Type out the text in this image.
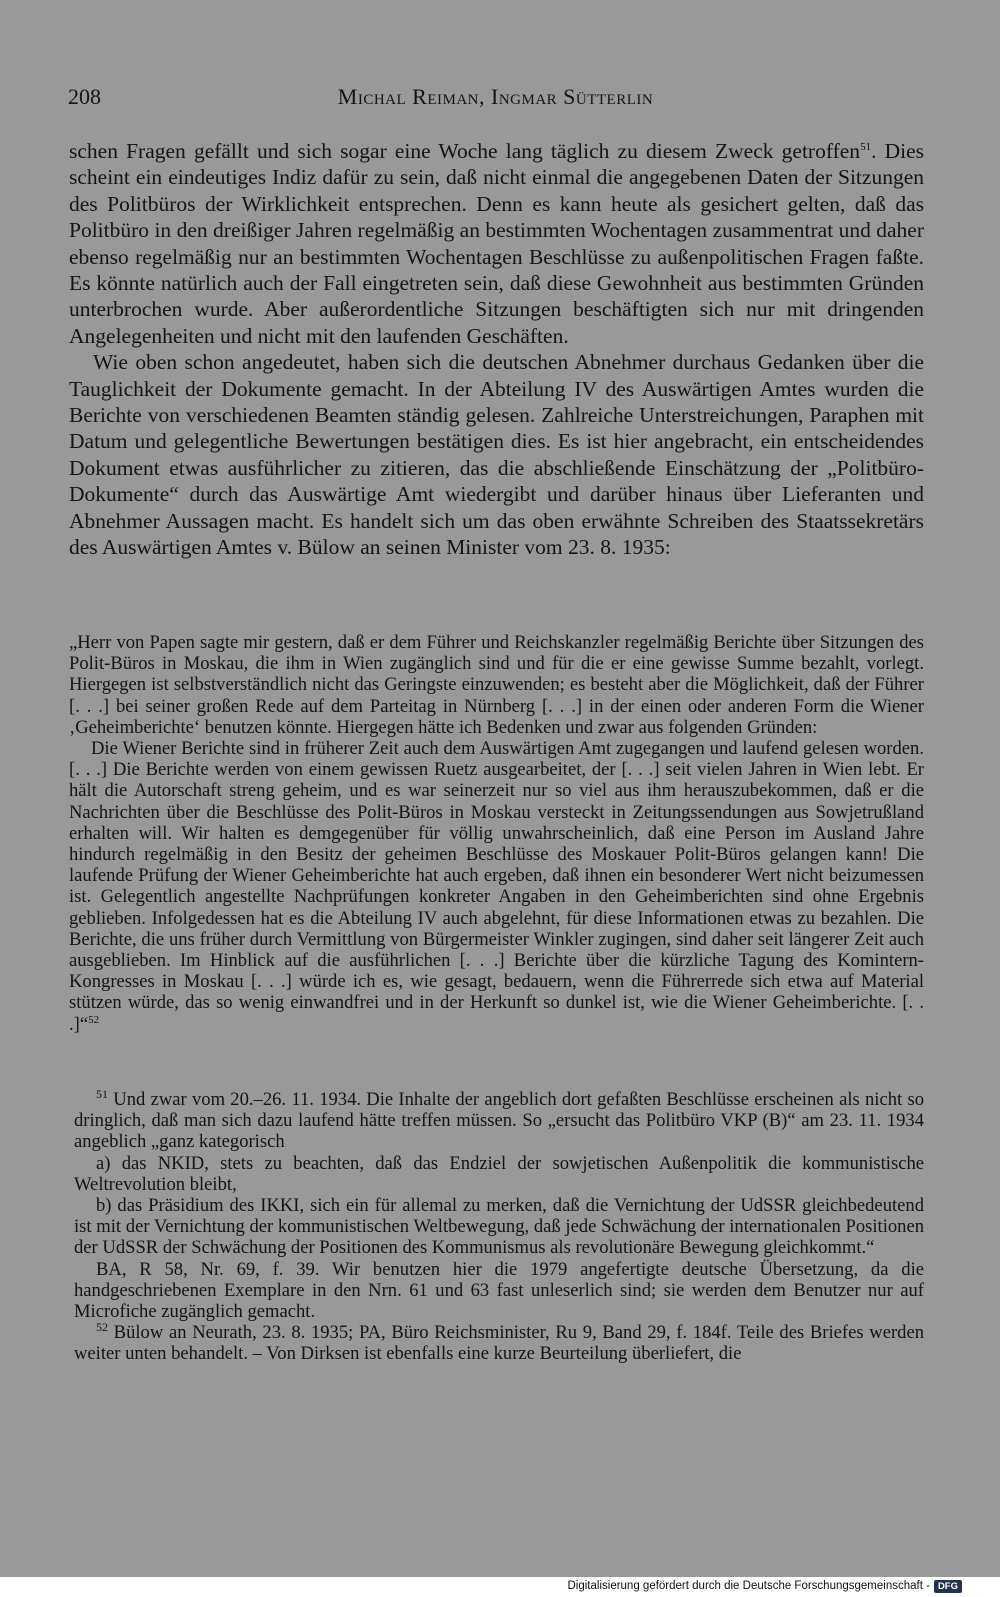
208	Michal Reiman, Ingmar Sütterlin

schen Fragen gefällt und sich sogar eine Woche lang täglich zu diesem Zweck getroffen$^{51}$. Dies scheint ein eindeutiges Indiz dafür zu sein, daß nicht einmal die angegebenen Daten der Sitzungen des Politbüros der Wirklichkeit entsprechen. Denn es kann heute als gesichert gelten, daß das Politbüro in den dreißiger Jahren regelmäßig an bestimmten Wochentagen zusammentrat und daher ebenso regelmäßig nur an bestimmten Wochentagen Beschlüsse zu außenpolitischen Fragen faßte. Es könnte natürlich auch der Fall eingetreten sein, daß diese Gewohnheit aus bestimmten Gründen unterbrochen wurde. Aber außerordentliche Sitzungen beschäftigten sich nur mit dringenden Angelegenheiten und nicht mit den laufenden Geschäften.

Wie oben schon angedeutet, haben sich die deutschen Abnehmer durchaus Gedanken über die Tauglichkeit der Dokumente gemacht. In der Abteilung IV des Auswärtigen Amtes wurden die Berichte von verschiedenen Beamten ständig gelesen. Zahlreiche Unterstreichungen, Paraphen mit Datum und gelegentliche Bewertungen bestätigen dies. Es ist hier angebracht, ein entscheidendes Dokument etwas ausführlicher zu zitieren, das die abschließende Einschätzung der „Politbüro-Dokumente“ durch das Auswärtige Amt wiedergibt und darüber hinaus über Lieferanten und Abnehmer Aussagen macht. Es handelt sich um das oben erwähnte Schreiben des Staatssekretärs des Auswärtigen Amtes v. Bülow an seinen Minister vom 23. 8. 1935:

„Herr von Papen sagte mir gestern, daß er dem Führer und Reichskanzler regelmäßig Berichte über Sitzungen des Polit-Büros in Moskau, die ihm in Wien zugänglich sind und für die er eine gewisse Summe bezahlt, vorlegt. Hiergegen ist selbstverständlich nicht das Geringste einzuwenden; es besteht aber die Möglichkeit, daß der Führer [. . .] bei seiner großen Rede auf dem Parteitag in Nürnberg [. . .] in der einen oder anderen Form die Wiener ‚Geheimberichte‘ benutzen könnte. Hiergegen hätte ich Bedenken und zwar aus folgenden Gründen:

Die Wiener Berichte sind in früherer Zeit auch dem Auswärtigen Amt zugegangen und laufend gelesen worden. [. . .] Die Berichte werden von einem gewissen Ruetz ausgearbeitet, der [. . .] seit vielen Jahren in Wien lebt. Er hält die Autorschaft streng geheim, und es war seinerzeit nur so viel aus ihm herauszubekommen, daß er die Nachrichten über die Beschlüsse des Polit-Büros in Moskau versteckt in Zeitungssendungen aus Sowjetrußland erhalten will. Wir halten es demgegenüber für völlig unwahrscheinlich, daß eine Person im Ausland Jahre hindurch regelmäßig in den Besitz der geheimen Beschlüsse des Moskauer Polit-Büros gelangen kann! Die laufende Prüfung der Wiener Geheimberichte hat auch ergeben, daß ihnen ein besonderer Wert nicht beizumessen ist. Gelegentlich angestellte Nachprüfungen konkreter Angaben in den Geheimberichten sind ohne Ergebnis geblieben. Infolgedessen hat es die Abteilung IV auch abgelehnt, für diese Informationen etwas zu bezahlen. Die Berichte, die uns früher durch Vermittlung von Bürgermeister Winkler zugingen, sind daher seit längerer Zeit auch ausgeblieben. Im Hinblick auf die ausführlichen [. . .] Berichte über die kürzliche Tagung des Komintern-Kongresses in Moskau [. . .] würde ich es, wie gesagt, bedauern, wenn die Führerrede sich etwa auf Material stützen würde, das so wenig einwandfrei und in der Herkunft so dunkel ist, wie die Wiener Geheimberichte. [. . .]“$^{52}$

$^{51}$ Und zwar vom 20.–26. 11. 1934. Die Inhalte der angeblich dort gefaßten Beschlüsse erscheinen als nicht so dringlich, daß man sich dazu laufend hätte treffen müssen. So „ersucht das Politbüro VKP (B)“ am 23. 11. 1934 angeblich „ganz kategorisch

a) das NKID, stets zu beachten, daß das Endziel der sowjetischen Außenpolitik die kommunistische Weltrevolution bleibt,

b) das Präsidium des IKKI, sich ein für allemal zu merken, daß die Vernichtung der UdSSR gleichbedeutend ist mit der Vernichtung der kommunistischen Weltbewegung, daß jede Schwächung der internationalen Positionen der UdSSR der Schwächung der Positionen des Kommunismus als revolutionäre Bewegung gleichkommt.“

BA, R 58, Nr. 69, f. 39. Wir benutzen hier die 1979 angefertigte deutsche Übersetzung, da die handgeschriebenen Exemplare in den Nrn. 61 und 63 fast unleserlich sind; sie werden dem Benutzer nur auf Microfiche zugänglich gemacht.

$^{52}$ Bülow an Neurath, 23. 8. 1935; PA, Büro Reichsminister, Ru 9, Band 29, f. 184f. Teile des Briefes werden weiter unten behandelt. – Von Dirksen ist ebenfalls eine kurze Beurteilung überliefert, die

Digitalisierung gefördert durch die Deutsche Forschungsgemeinschaft - DFG
